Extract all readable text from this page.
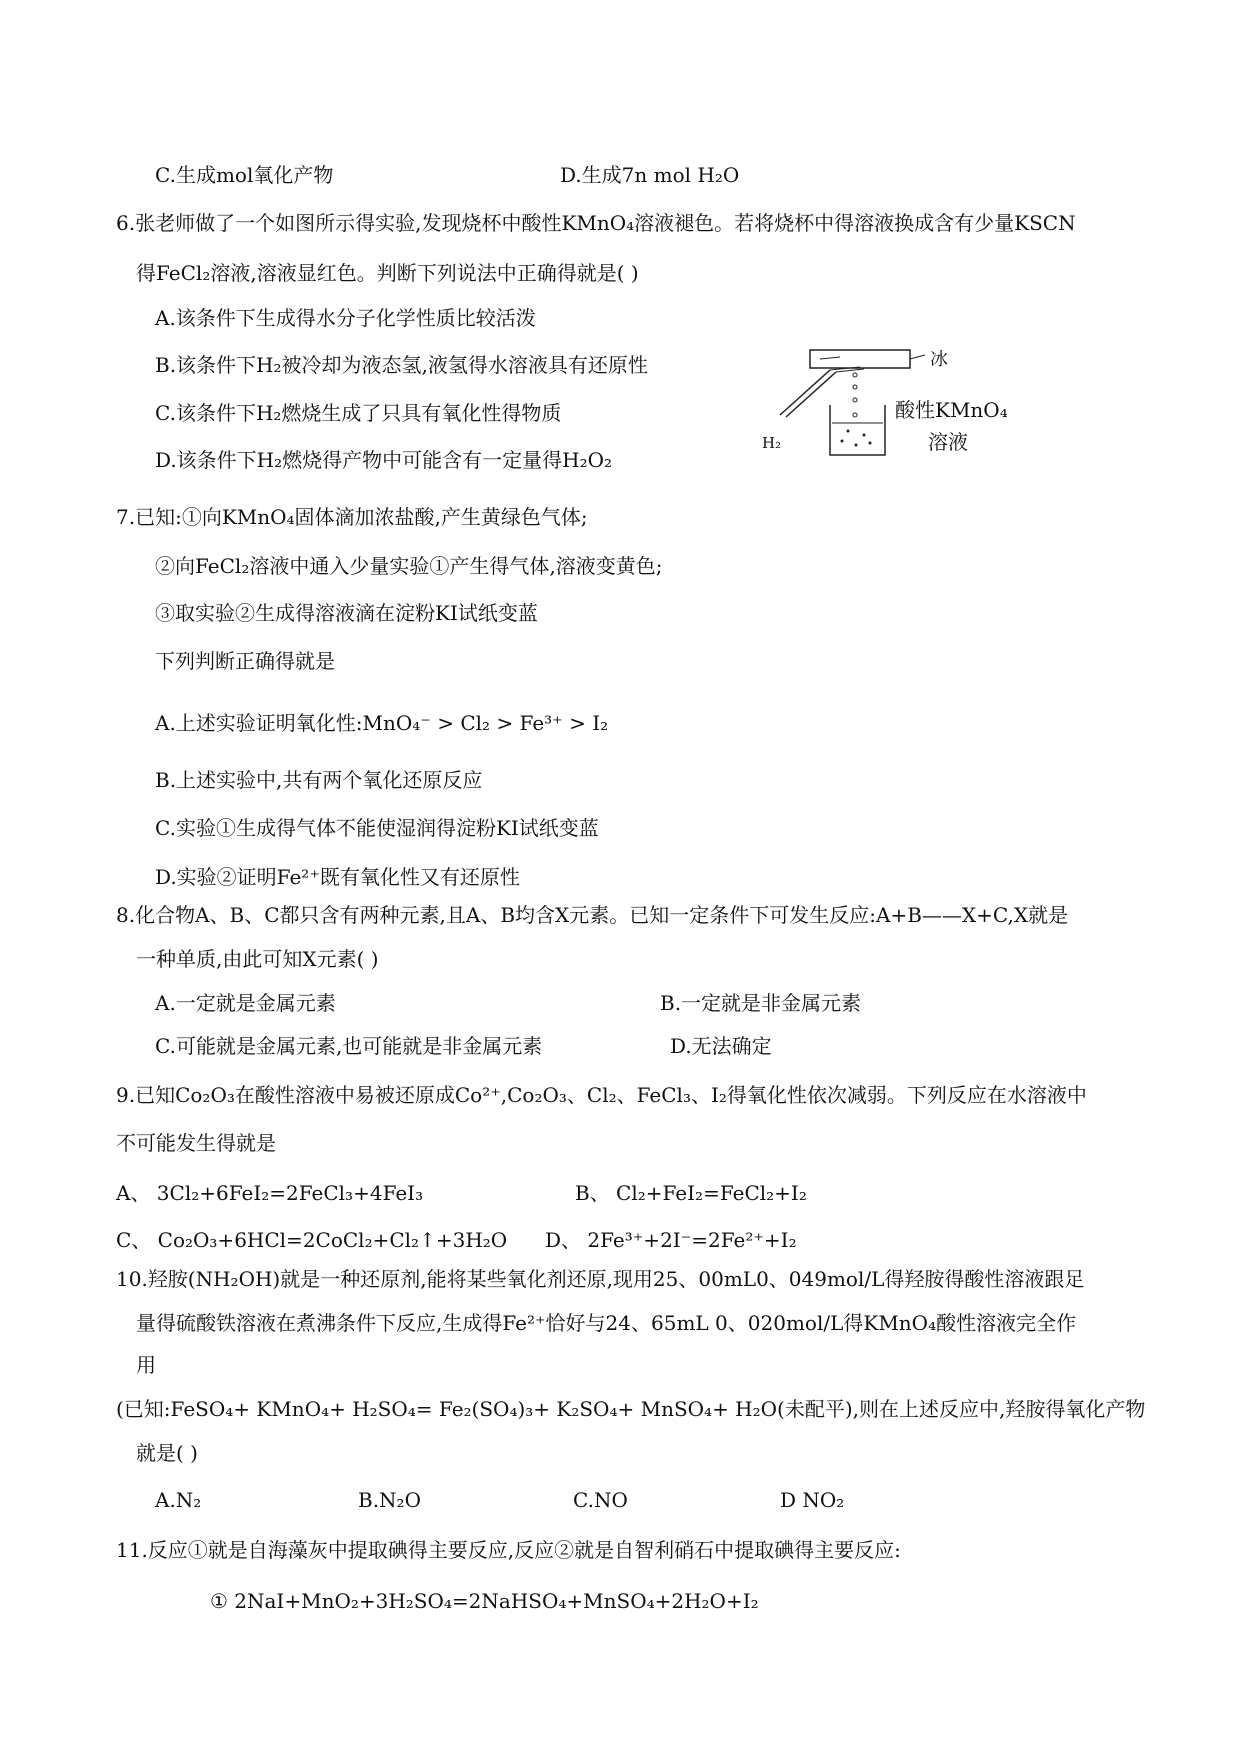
C.生成mol氧化产物	D.生成7n mol H₂O
6.张老师做了一个如图所示得实验,发现烧杯中酸性KMnO₄溶液褪色。若将烧杯中得溶液换成含有少量KSCN
得FeCl₂溶液,溶液显红色。判断下列说法中正确得就是( )
A.该条件下生成得水分子化学性质比较活泼
B.该条件下H₂被冷却为液态氢,液氢得水溶液具有还原性
C.该条件下H₂燃烧生成了只具有氧化性得物质
D.该条件下H₂燃烧得产物中可能含有一定量得H₂O₂
冰
H₂
酸性KMnO₄
溶液
7.已知:①向KMnO₄固体滴加浓盐酸,产生黄绿色气体;
②向FeCl₂溶液中通入少量实验①产生得气体,溶液变黄色;
③取实验②生成得溶液滴在淀粉KI试纸变蓝
下列判断正确得就是
A.上述实验证明氧化性:MnO₄⁻ > Cl₂ > Fe³⁺ > I₂
B.上述实验中,共有两个氧化还原反应
C.实验①生成得气体不能使湿润得淀粉KI试纸变蓝
D.实验②证明Fe²⁺既有氧化性又有还原性
8.化合物A、B、C都只含有两种元素,且A、B均含X元素。已知一定条件下可发生反应:A+B——X+C,X就是
一种单质,由此可知X元素( )
A.一定就是金属元素	B.一定就是非金属元素
C.可能就是金属元素,也可能就是非金属元素	D.无法确定
9.已知Co₂O₃在酸性溶液中易被还原成Co²⁺,Co₂O₃、Cl₂、FeCl₃、I₂得氧化性依次减弱。下列反应在水溶液中
不可能发生得就是
A、 3Cl₂+6FeI₂=2FeCl₃+4FeI₃	B、 Cl₂+FeI₂=FeCl₂+I₂
C、 Co₂O₃+6HCl=2CoCl₂+Cl₂↑+3H₂O D、 2Fe³⁺+2I⁻=2Fe²⁺+I₂
10.羟胺(NH₂OH)就是一种还原剂,能将某些氧化剂还原,现用25、00mL0、049mol/L得羟胺得酸性溶液跟足
量得硫酸铁溶液在煮沸条件下反应,生成得Fe²⁺恰好与24、65mL 0、020mol/L得KMnO₄酸性溶液完全作
用
(已知:FeSO₄+ KMnO₄+ H₂SO₄= Fe₂(SO₄)₃+ K₂SO₄+ MnSO₄+ H₂O(未配平),则在上述反应中,羟胺得氧化产物
就是( )
A.N₂	B.N₂O	C.NO	D NO₂
11.反应①就是自海藻灰中提取碘得主要反应,反应②就是自智利硝石中提取碘得主要反应:
① 2NaI+MnO₂+3H₂SO₄=2NaHSO₄+MnSO₄+2H₂O+I₂
